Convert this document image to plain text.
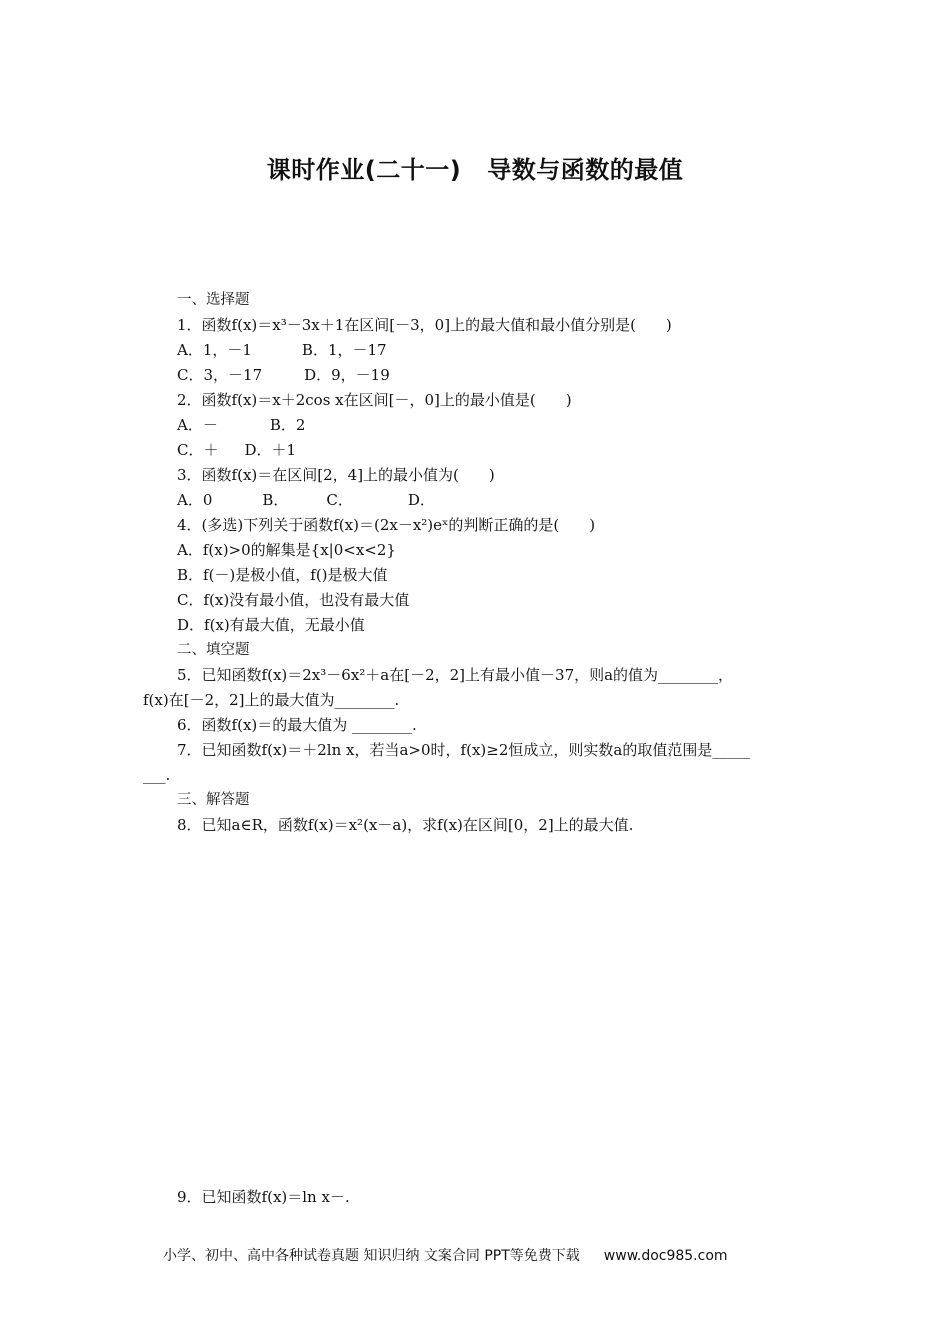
课时作业(二十一) 导数与函数的最值
一、选择题
1．函数f(x)＝x³－3x＋1在区间[－3，0]上的最大值和最小值分别是(　　)
A．1，－1	B．1，－17
C．3，－17	D．9，－19
2．函数f(x)＝x＋2cos x在区间[－，0]上的最小值是(　　)
A．－	B．2
C．＋ D．＋1
3．函数f(x)＝在区间[2，4]上的最小值为(　　)
A．0	B．	C．	D．
4．(多选)下列关于函数f(x)＝(2x－x²)eˣ的判断正确的是(　　)
A．f(x)>0的解集是{x|0<x<2}
B．f(－)是极小值，f()是极大值
C．f(x)没有最小值，也没有最大值
D．f(x)有最大值，无最小值
二、填空题
5．已知函数f(x)＝2x³－6x²＋a在[－2，2]上有最小值－37，则a的值为________，
f(x)在[－2，2]上的最大值为________.
6．函数f(x)＝的最大值为 ________.
7．已知函数f(x)＝＋2ln x，若当a>0时，f(x)≥2恒成立，则实数a的取值范围是_____
___.
三、解答题
8．已知a∈R，函数f(x)＝x²(x－a)，求f(x)在区间[0，2]上的最大值.
9．已知函数f(x)＝ln x－.
小学、初中、高中各种试卷真题 知识归纳 文案合同 PPT等免费下载 www.doc985.com
